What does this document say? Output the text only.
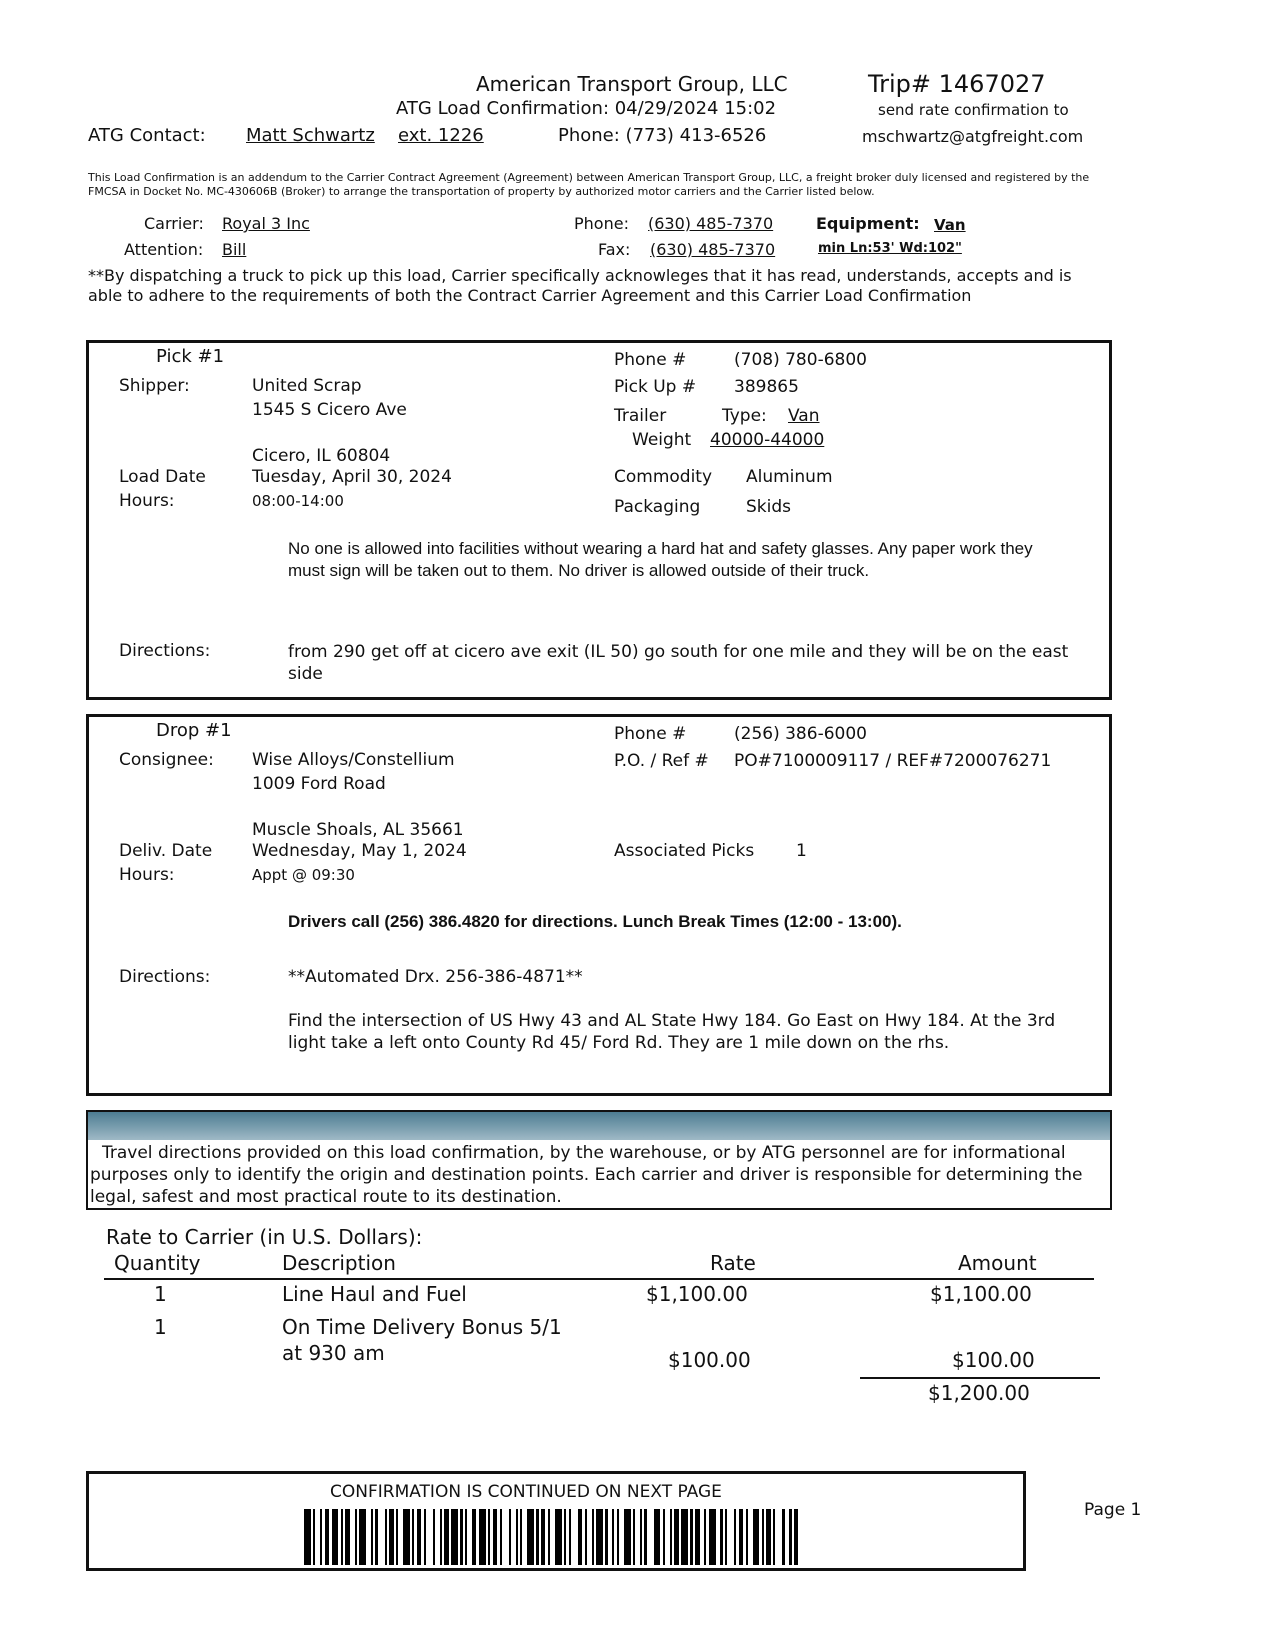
American Transport Group, LLC	Trip# 1467027
ATG Load Confirmation: 04/29/2024 15:02	send rate confirmation to
ATG Contact: Matt Schwartz ext. 1226	Phone: (773) 413-6526	mschwartz@atgfreight.com
This Load Confirmation is an addendum to the Carrier Contract Agreement (Agreement) between American Transport Group, LLC, a freight broker duly licensed and registered by the FMCSA in Docket No. MC-430606B (Broker) to arrange the transportation of property by authorized motor carriers and the Carrier listed below.
Carrier: Royal 3 Inc
Attention: Bill
Phone: (630) 485-7370
Fax: (630) 485-7370
Equipment: Van
min Ln:53' Wd:102"
**By dispatching a truck to pick up this load, Carrier specifically acknowleges that it has read, understands, accepts and is able to adhere to the requirements of both the Contract Carrier Agreement and this Carrier Load Confirmation
Pick #1
Shipper:	United Scrap
1545 S Cicero Ave
Cicero, IL 60804
Load Date	Tuesday, April 30, 2024
Hours:	08:00-14:00
Phone #	(708) 780-6800
Pick Up # 389865
Trailer	Type: Van
Weight 40000-44000
Commodity Aluminum
Packaging	Skids
No one is allowed into facilities without wearing a hard hat and safety glasses. Any paper work they must sign will be taken out to them. No driver is allowed outside of their truck.
Directions:	from 290 get off at cicero ave exit (IL 50) go south for one mile and they will be on the east side
Drop #1
Consignee: Wise Alloys/Constellium
1009 Ford Road
Muscle Shoals, AL 35661
Deliv. Date Wednesday, May 1, 2024
Hours:	Appt @ 09:30
Phone #	(256) 386-6000
P.O. / Ref # PO#7100009117 / REF#7200076271
Associated Picks 1
Drivers call (256) 386.4820 for directions. Lunch Break Times (12:00 - 13:00).
Directions:	**Automated Drx. 256-386-4871**
Find the intersection of US Hwy 43 and AL State Hwy 184. Go East on Hwy 184. At the 3rd light take a left onto County Rd 45/ Ford Rd. They are 1 mile down on the rhs.
Travel directions provided on this load confirmation, by the warehouse, or by ATG personnel are for informational purposes only to identify the origin and destination points. Each carrier and driver is responsible for determining the legal, safest and most practical route to its destination.
Rate to Carrier (in U.S. Dollars):
Quantity	Description	Rate	Amount
1	Line Haul and Fuel	$1,100.00	$1,100.00
1	On Time Delivery Bonus 5/1
at 930 am	$100.00	$100.00
$1,200.00
CONFIRMATION IS CONTINUED ON NEXT PAGE
Page 1
